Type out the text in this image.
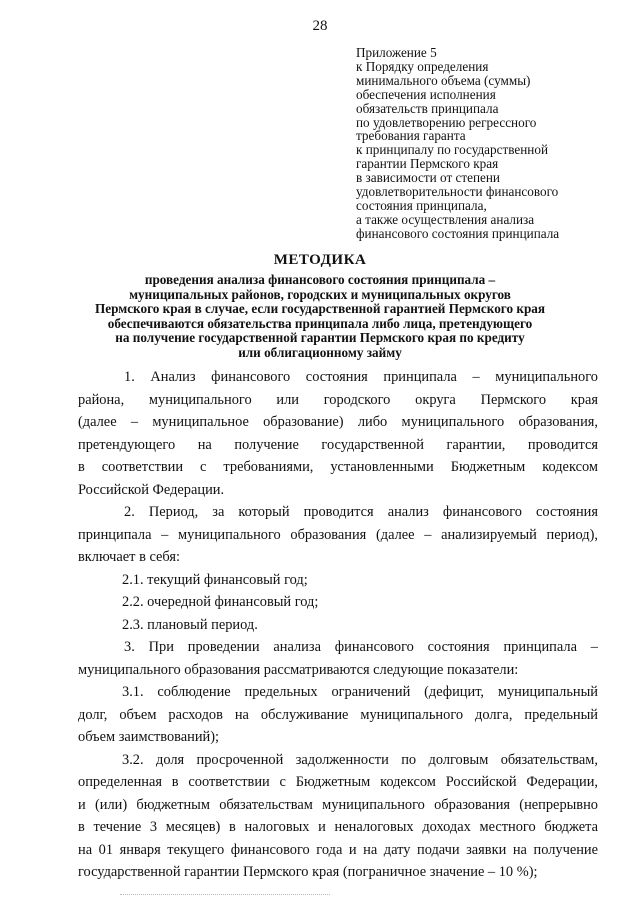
28
Приложение 5
к Порядку определения
минимального объема (суммы)
обеспечения исполнения
обязательств принципала
по удовлетворению регрессного
требования гаранта
к принципалу по государственной
гарантии Пермского края
в зависимости от степени
удовлетворительности финансового
состояния принципала,
а также осуществления анализа
финансового состояния принципала
МЕТОДИКА
проведения анализа финансового состояния принципала –
муниципальных районов, городских и муниципальных округов
Пермского края в случае, если государственной гарантией Пермского края
обеспечиваются обязательства принципала либо лица, претендующего
на получение государственной гарантии Пермского края по кредиту
или облигационному займу
1. Анализ финансового состояния принципала – муниципального
района, муниципального или городского округа Пермского края
(далее – муниципальное образование) либо муниципального образования,
претендующего на получение государственной гарантии, проводится
в соответствии с требованиями, установленными Бюджетным кодексом
Российской Федерации.
2. Период, за который проводится анализ финансового состояния
принципала – муниципального образования (далее – анализируемый период),
включает в себя:
2.1. текущий финансовый год;
2.2. очередной финансовый год;
2.3. плановый период.
3. При проведении анализа финансового состояния принципала –
муниципального образования рассматриваются следующие показатели:
3.1. соблюдение предельных ограничений (дефицит, муниципальный
долг, объем расходов на обслуживание муниципального долга, предельный
объем заимствований);
3.2. доля просроченной задолженности по долговым обязательствам,
определенная в соответствии с Бюджетным кодексом Российской Федерации,
и (или) бюджетным обязательствам муниципального образования (непрерывно
в течение 3 месяцев) в налоговых и неналоговых доходах местного бюджета
на 01 января текущего финансового года и на дату подачи заявки на получение
государственной гарантии Пермского края (пограничное значение – 10 %);
